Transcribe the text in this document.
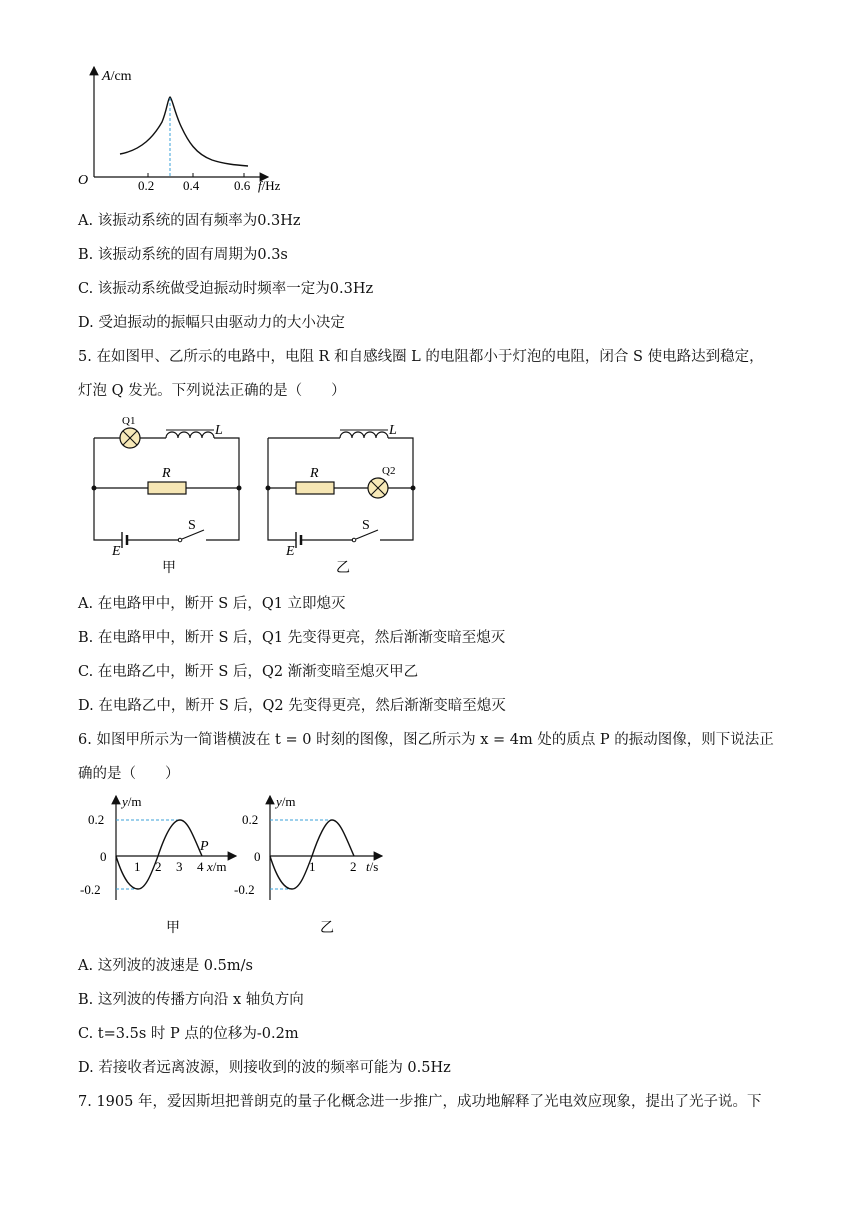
A/cm
O	0.2 0.4	0.6 f/Hz
A. 该振动系统的固有频率为0.3Hz
B. 该振动系统的固有周期为0.3s
C. 该振动系统做受迫振动时频率一定为0.3Hz
D. 受迫振动的振幅只由驱动力的大小决定
5. 在如图甲、乙所示的电路中，电阻 R 和自感线圈 L 的电阻都小于灯泡的电阻，闭合 S 使电路达到稳定，
灯泡 Q 发光。下列说法正确的是（　　）
Q1
L
R
E
S
甲
L
R	Q2
E
S
乙
A. 在电路甲中，断开 S 后，Q1 立即熄灭
B. 在电路甲中，断开 S 后，Q1 先变得更亮，然后渐渐变暗至熄灭
C. 在电路乙中，断开 S 后，Q2 渐渐变暗至熄灭甲乙
D. 在电路乙中，断开 S 后，Q2 先变得更亮，然后渐渐变暗至熄灭
6. 如图甲所示为一简谐横波在 t = 0 时刻的图像，图乙所示为 x = 4m 处的质点 P 的振动图像，则下说法正
确的是（　　）
y/m
0.2
0
-0.2
1 2 3 4 x/m
P
甲
y/m
0.2
0
-0.2
1	2 t/s
乙
A. 这列波的波速是 0.5m/s
B. 这列波的传播方向沿 x 轴负方向
C. t=3.5s 时 P 点的位移为-0.2m
D. 若接收者远离波源，则接收到的波的频率可能为 0.5Hz
7. 1905 年，爱因斯坦把普朗克的量子化概念进一步推广，成功地解释了光电效应现象，提出了光子说。下
